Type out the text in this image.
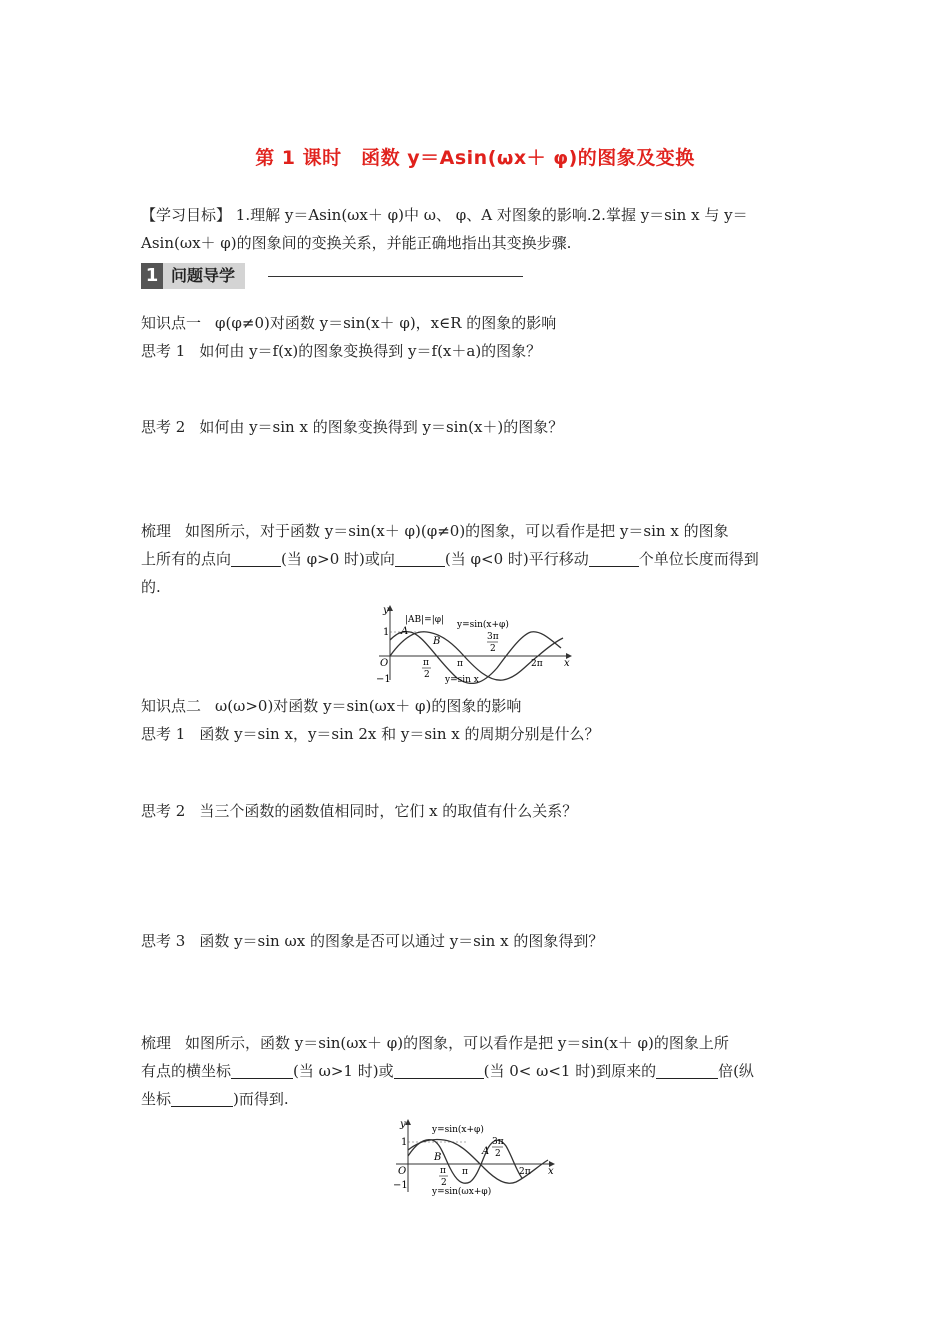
第 1 课时　函数 y＝Asin(ωx＋ φ)的图象及变换

【学习目标】 1.理解 y＝Asin(ωx＋ φ)中 ω、 φ、A 对图象的影响.2.掌握 y＝sin x 与 y＝
Asin(ωx＋ φ)的图象间的变换关系，并能正确地指出其变换步骤.

1 问题导学

知识点一 φ(φ≠0)对函数 y＝sin(x＋ φ)，x∈R 的图象的影响

思考 1 如何由 y＝f(x)的图象变换得到 y＝f(x＋a)的图象？

思考 2 如何由 y＝sin x 的图象变换得到 y＝sin(x＋)的图象？

梳理 如图所示，对于函数 y＝sin(x＋ φ)(φ≠0)的图象，可以看作是把 y＝sin x 的图象
上所有的点向	(当 φ>0 时)或向	(当 φ<0 时)平行移动	个单位长度而得到
的.

y
x
1
−1
O
|AB|=|φ| y=sin(x+φ)
y=sin x
A
B	3π
2
π
2
π	2π

知识点二 ω(ω>0)对函数 y＝sin(ωx＋ φ)的图象的影响

思考 1 函数 y＝sin x，y＝sin 2x 和 y＝sin x 的周期分别是什么？

思考 2 当三个函数的函数值相同时，它们 x 的取值有什么关系？

思考 3 函数 y＝sin ωx 的图象是否可以通过 y＝sin x 的图象得到？

梳理 如图所示，函数 y＝sin(ωx＋ φ)的图象，可以看作是把 y＝sin(x＋ φ)的图象上所
有点的横坐标	(当 ω>1 时)或	(当 0< ω<1 时)到原来的	倍(纵
坐标	)而得到.

y
x
1
−1
O
y=sin(x+φ)
y=sin(ωx+φ)
A
B
3π
2
π
2
π	2π
